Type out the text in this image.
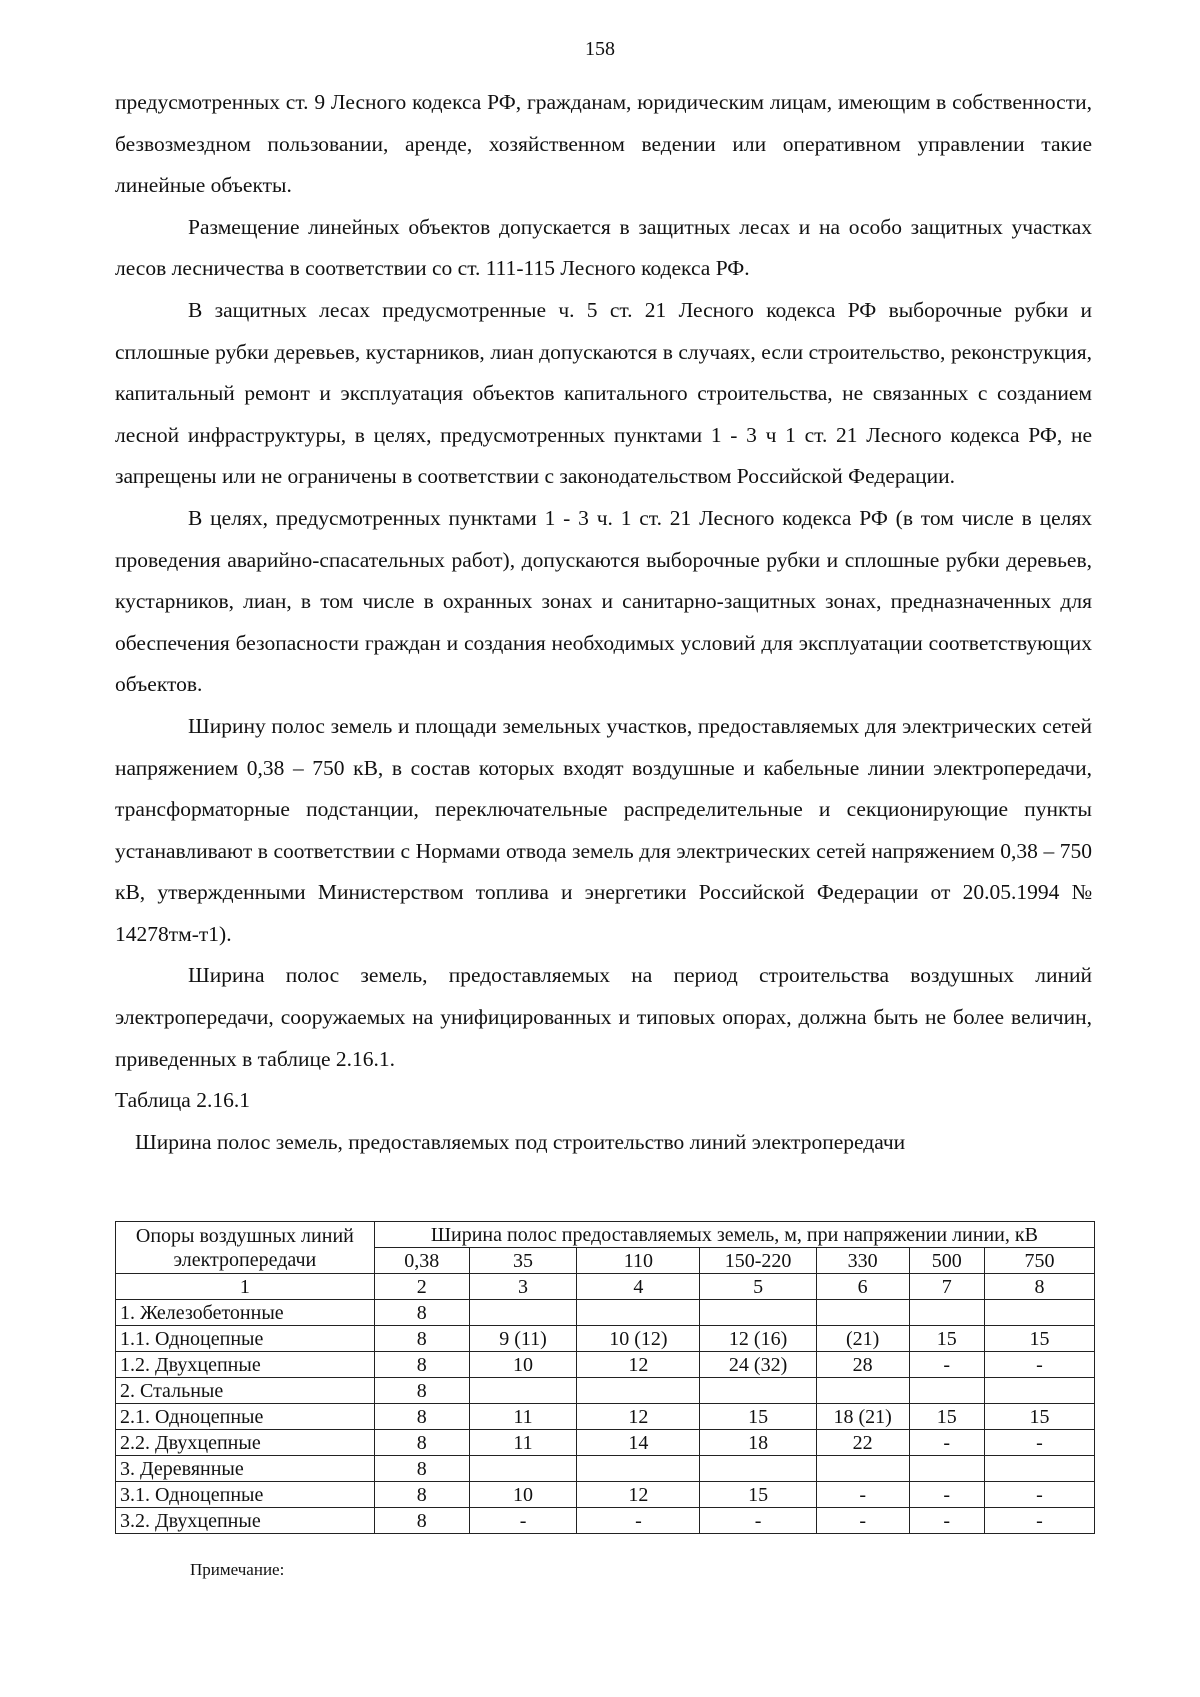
158

предусмотренных ст. 9 Лесного кодекса РФ, гражданам, юридическим лицам, имеющим в собственности, безвозмездном пользовании, аренде, хозяйственном ведении или оперативном управлении такие линейные объекты.

Размещение линейных объектов допускается в защитных лесах и на особо защитных участках лесов лесничества в соответствии со ст. 111-115 Лесного кодекса РФ.

В защитных лесах предусмотренные ч. 5 ст. 21 Лесного кодекса РФ выборочные рубки и сплошные рубки деревьев, кустарников, лиан допускаются в случаях, если строительство, реконструкция, капитальный ремонт и эксплуатация объектов капитального строительства, не связанных с созданием лесной инфраструктуры, в целях, предусмотренных пунктами 1 - 3 ч 1 ст. 21 Лесного кодекса РФ, не запрещены или не ограничены в соответствии с законодательством Российской Федерации.

В целях, предусмотренных пунктами 1 - 3 ч. 1 ст. 21 Лесного кодекса РФ (в том числе в целях проведения аварийно-спасательных работ), допускаются выборочные рубки и сплошные рубки деревьев, кустарников, лиан, в том числе в охранных зонах и санитарно-защитных зонах, предназначенных для обеспечения безопасности граждан и создания необходимых условий для эксплуатации соответствующих объектов.

Ширину полос земель и площади земельных участков, предоставляемых для электрических сетей напряжением 0,38 – 750 кВ, в состав которых входят воздушные и кабельные линии электропередачи, трансформаторные подстанции, переключательные распределительные и секционирующие пункты устанавливают в соответствии с Нормами отвода земель для электрических сетей напряжением 0,38 – 750 кВ, утвержденными Министерством топлива и энергетики Российской Федерации от 20.05.1994 № 14278тм-т1).

Ширина полос земель, предоставляемых на период строительства воздушных линий электропередачи, сооружаемых на унифицированных и типовых опорах, должна быть не более величин, приведенных в таблице 2.16.1.

Таблица 2.16.1

Ширина полос земель, предоставляемых под строительство линий электропередачи

Опоры воздушных линий электропередачи	Ширина полос предоставляемых земель, м, при напряжении линии, кВ						
	0,38	35	110	150-220	330	500	750
1	2	3	4	5	6	7	8
1. Железобетонные	8						
1.1. Одноцепные	8	9 (11)	10 (12)	12 (16)	(21)	15	15
1.2. Двухцепные	8	10	12	24 (32)	28	-	-
2. Стальные	8						
2.1. Одноцепные	8	11	12	15	18 (21)	15	15
2.2. Двухцепные	8	11	14	18	22	-	-
3. Деревянные	8						
3.1. Одноцепные	8	10	12	15	-	-	-
3.2. Двухцепные	8	-	-	-	-	-	-
Примечание:
